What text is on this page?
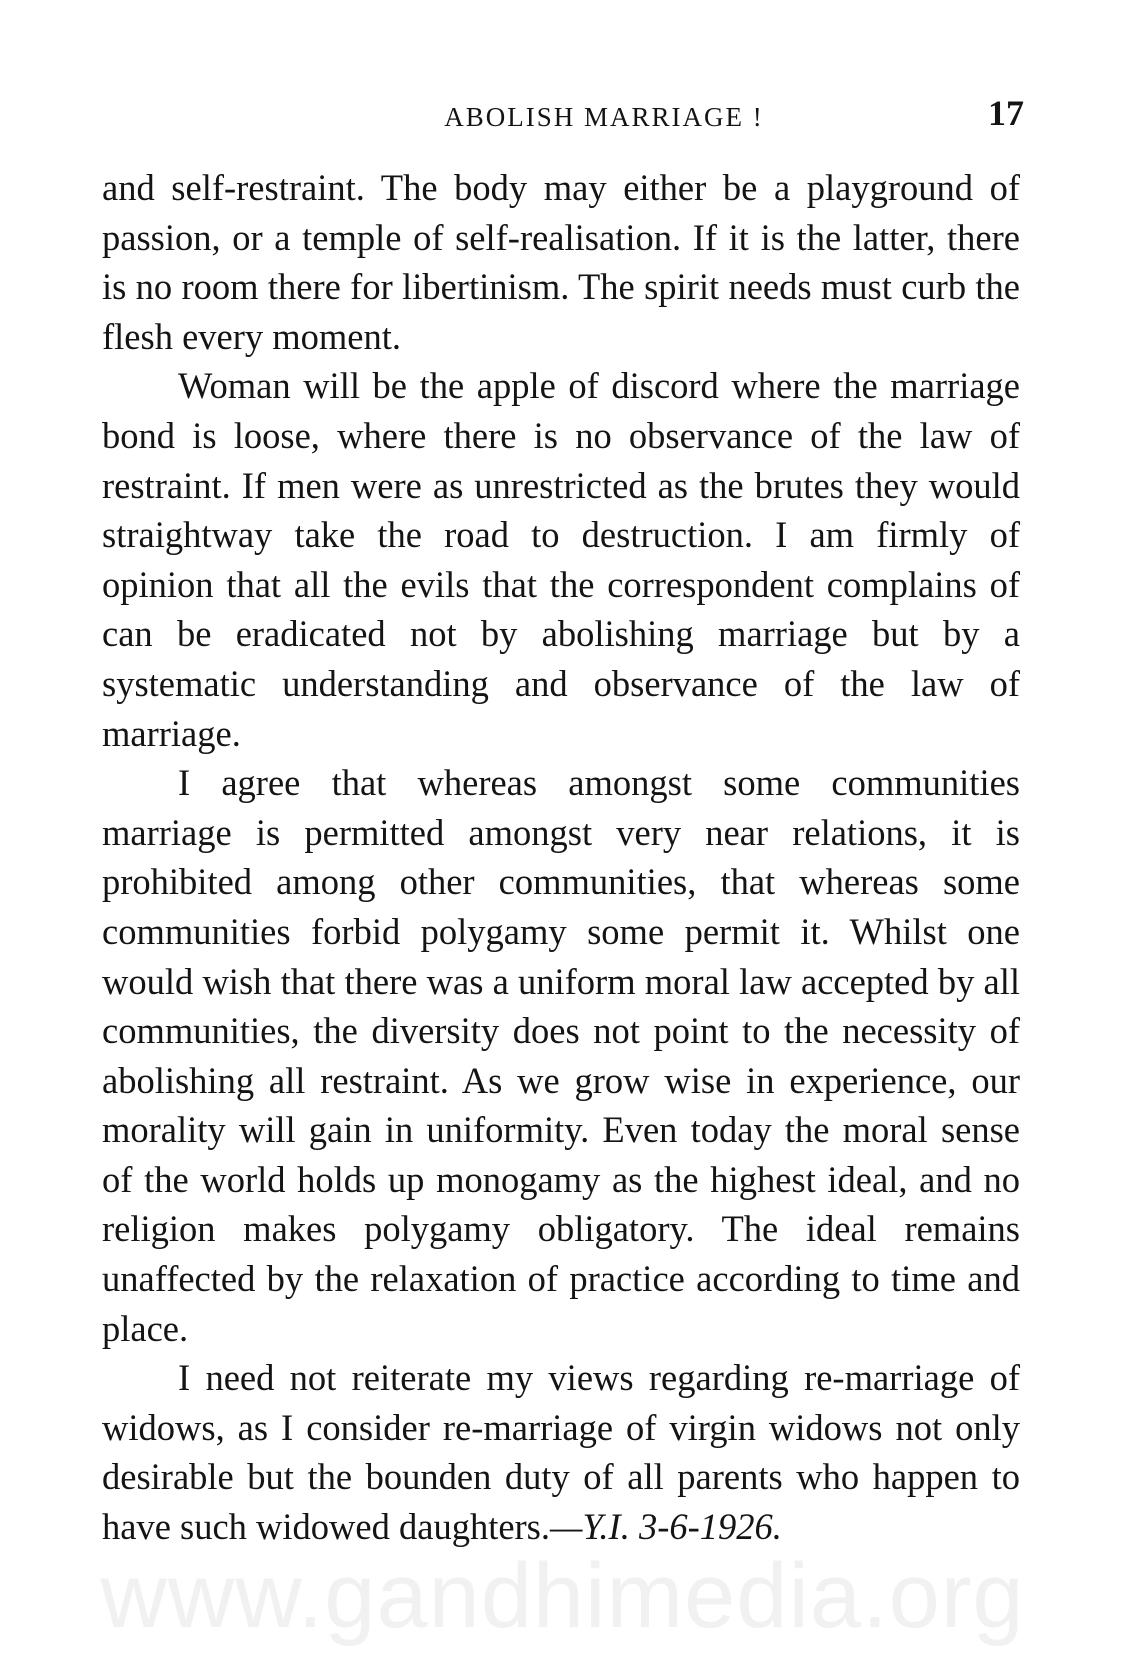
ABOLISH MARRIAGE !	17

and self-restraint. The body may either be a playground of passion, or a temple of self-realisation. If it is the latter, there is no room there for libertinism. The spirit needs must curb the flesh every moment.

Woman will be the apple of discord where the marriage bond is loose, where there is no observance of the law of restraint. If men were as unrestricted as the brutes they would straightway take the road to destruction. I am firmly of opinion that all the evils that the correspondent complains of can be eradicated not by abolishing marriage but by a systematic understanding and observance of the law of marriage.

I agree that whereas amongst some communities marriage is permitted amongst very near relations, it is prohibited among other communities, that whereas some communities forbid polygamy some permit it. Whilst one would wish that there was a uniform moral law accepted by all communities, the diversity does not point to the necessity of abolishing all restraint. As we grow wise in experience, our morality will gain in uniformity. Even today the moral sense of the world holds up monogamy as the highest ideal, and no religion makes polygamy obligatory. The ideal remains unaffected by the relaxation of practice according to time and place.

I need not reiterate my views regarding re-marriage of widows, as I consider re-marriage of virgin widows not only desirable but the bounden duty of all parents who happen to have such widowed daughters.—Y.I. 3-6-1926.

www.gandhimedia.org
